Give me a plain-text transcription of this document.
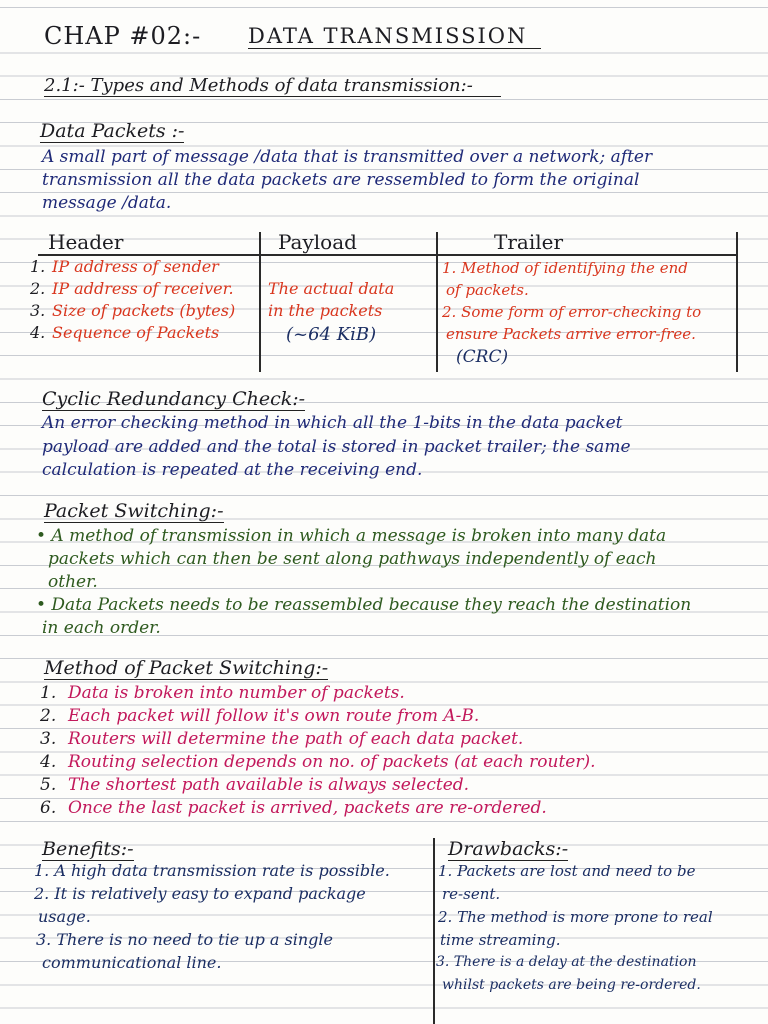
CHAP #02:- DATA TRANSMISSION
2.1:- Types and Methods of data transmission:-
Data Packets :-
A small part of message /data that is transmitted over a network; after
transmission all the data packets are ressembled to form the original
message /data.
Header	Payload	Trailer
1. IP address of sender
2. IP address of receiver.
3. Size of packets (bytes)
4. Sequence of Packets
The actual data
in the packets
(~64 KiB)
1. Method of identifying the end
of packets.
2. Some form of error-checking to
ensure Packets arrive error-free.
(CRC)
Cyclic Redundancy Check:-
An error checking method in which all the 1-bits in the data packet
payload are added and the total is stored in packet trailer; the same
calculation is repeated at the receiving end.
Packet Switching:-
• A method of transmission in which a message is broken into many data
packets which can then be sent along pathways independently of each
other.
• Data Packets needs to be reassembled because they reach the destination
in each order.
Method of Packet Switching:-
1. Data is broken into number of packets.
2. Each packet will follow it's own route from A-B.
3. Routers will determine the path of each data packet.
4. Routing selection depends on no. of packets (at each router).
5. The shortest path available is always selected.
6. Once the last packet is arrived, packets are re-ordered.
Benefits:-
1. A high data transmission rate is possible.
2. It is relatively easy to expand package
usage.
3. There is no need to tie up a single
communicational line.
Drawbacks:-
1. Packets are lost and need to be
re-sent.
2. The method is more prone to real
time streaming.
3. There is a delay at the destination
whilst packets are being re-ordered.
